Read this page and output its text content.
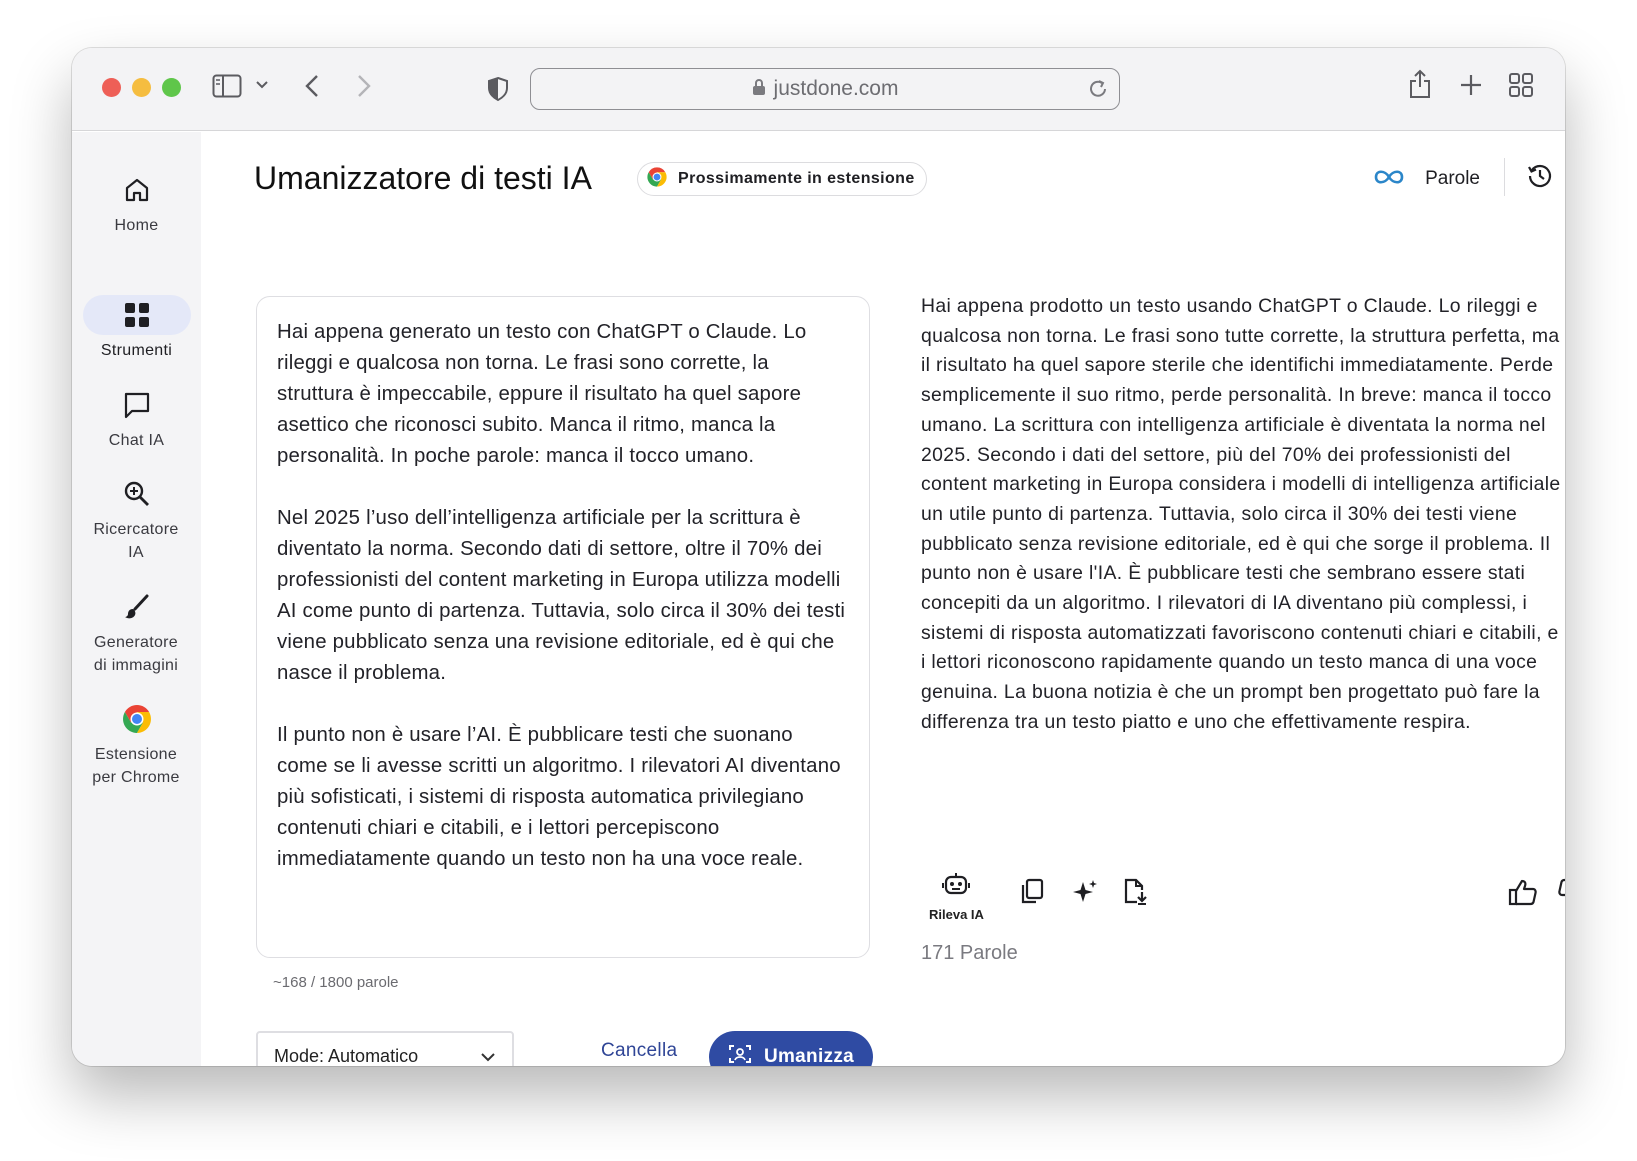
justdone.com
Home
Strumenti
Chat IA
Ricercatore IA
Generatore di immagini
Estensione per Chrome
Umanizzatore di testi IA	Prossimamente in estensione	Parole

Hai appena generato un testo con ChatGPT o Claude. Lo rileggi e qualcosa non torna. Le frasi sono corrette, la struttura è impeccabile, eppure il risultato ha quel sapore asettico che riconosci subito. Manca il ritmo, manca la personalità. In poche parole: manca il tocco umano.

Nel 2025 l’uso dell’intelligenza artificiale per la scrittura è diventato la norma. Secondo dati di settore, oltre il 70% dei professionisti del content marketing in Europa utilizza modelli AI come punto di partenza. Tuttavia, solo circa il 30% dei testi viene pubblicato senza una revisione editoriale, ed è qui che nasce il problema.

Il punto non è usare l’AI. È pubblicare testi che suonano come se li avesse scritti un algoritmo. I rilevatori AI diventano più sofisticati, i sistemi di risposta automatica privilegiano contenuti chiari e citabili, e i lettori percepiscono immediatamente quando un testo non ha una voce reale.

~168 / 1800 parole
Mode: Automatico	Cancella	Umanizza
Hai appena prodotto un testo usando ChatGPT o Claude. Lo rileggi e qualcosa non torna. Le frasi sono tutte corrette, la struttura perfetta, ma il risultato ha quel sapore sterile che identifichi immediatamente. Perde semplicemente il suo ritmo, perde personalità. In breve: manca il tocco umano. La scrittura con intelligenza artificiale è diventata la norma nel 2025. Secondo i dati del settore, più del 70% dei professionisti del content marketing in Europa considera i modelli di intelligenza artificiale un utile punto di partenza. Tuttavia, solo circa il 30% dei testi viene pubblicato senza revisione editoriale, ed è qui che sorge il problema. Il punto non è usare l'IA. È pubblicare testi che sembrano essere stati concepiti da un algoritmo. I rilevatori di IA diventano più complessi, i sistemi di risposta automatizzati favoriscono contenuti chiari e citabili, e i lettori riconoscono rapidamente quando un testo manca di una voce genuina. La buona notizia è che un prompt ben progettato può fare la differenza tra un testo piatto e uno che effettivamente respira.
Rileva IA
171 Parole
